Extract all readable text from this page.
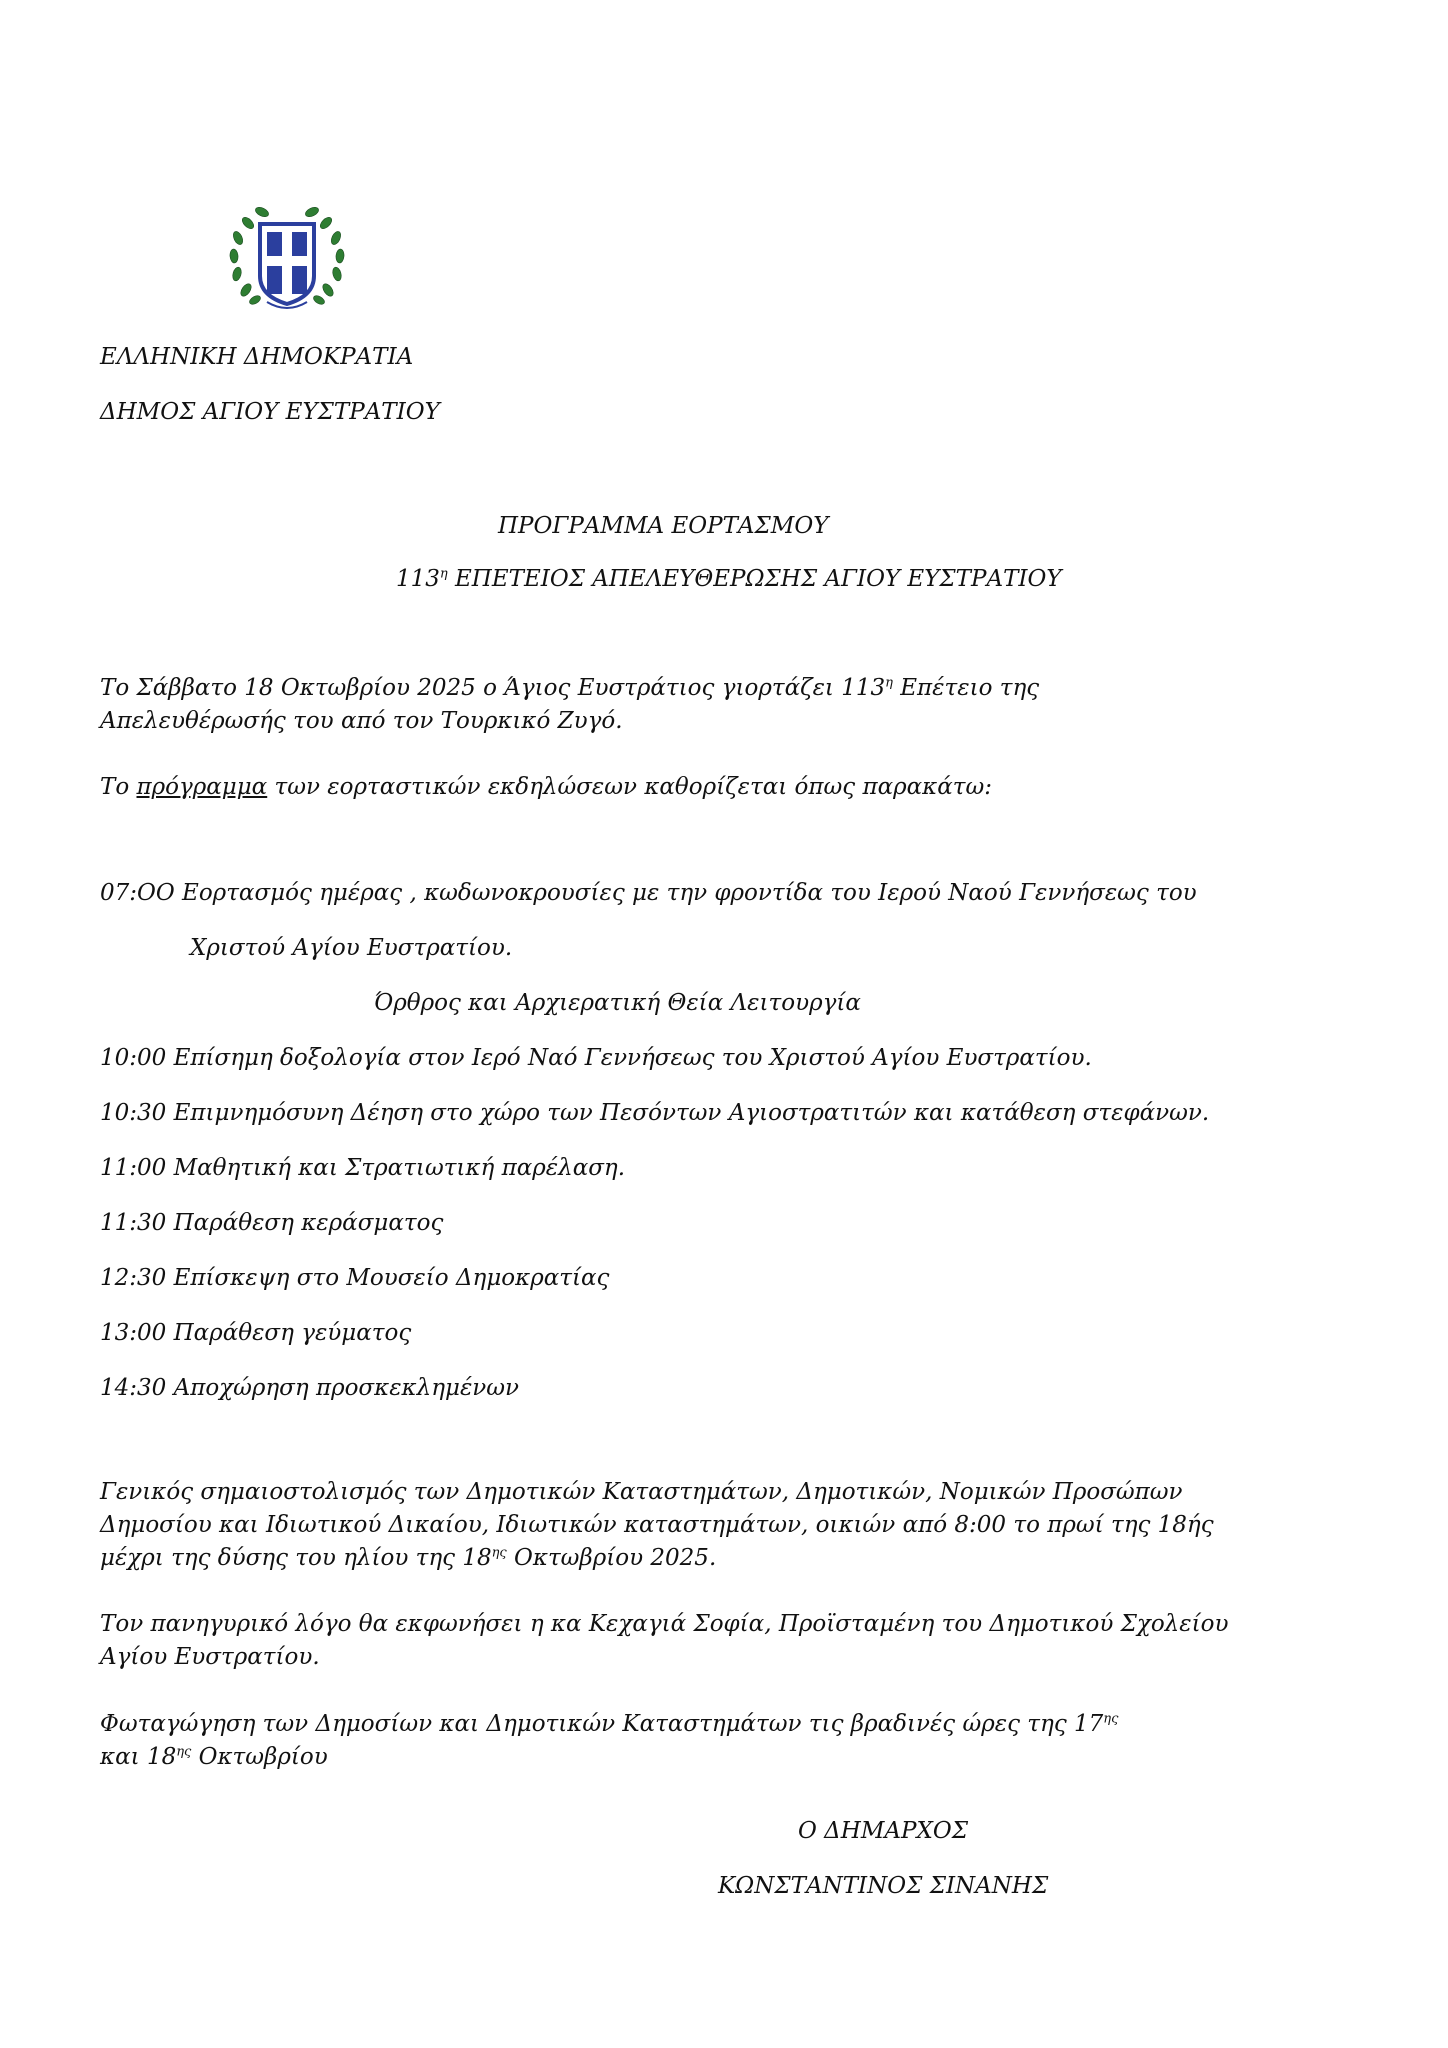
ΕΛΛΗΝΙΚΗ ΔΗΜΟΚΡΑΤΙΑ
ΔΗΜΟΣ ΑΓΙΟΥ ΕΥΣΤΡΑΤΙΟΥ
ΠΡΟΓΡΑΜΜΑ ΕΟΡΤΑΣΜΟΥ
$113^\eta$ ΕΠΕΤΕΙΟΣ ΑΠΕΛΕΥΘΕΡΩΣΗΣ ΑΓΙΟΥ ΕΥΣΤΡΑΤΙΟΥ
Το Σάββατο 18 Οκτωβρίου 2025 ο Άγιος Ευστράτιος γιορτάζει $113^\eta$ Επέτειο της Απελευθέρωσής του από τον Τουρκικό Ζυγό.
Το πρόγραμμα των εορταστικών εκδηλώσεων καθορίζεται όπως παρακάτω:
07:OO Εορτασμός ημέρας , κωδωνοκρουσίες με την φροντίδα του Ιερού Ναού Γεννήσεως του
Χριστού Αγίου Ευστρατίου.
Όρθρος και Αρχιερατική Θεία Λειτουργία
10:00 Επίσημη δοξολογία στον Ιερό Ναό Γεννήσεως του Χριστού Αγίου Ευστρατίου.
10:30 Επιμνημόσυνη Δέηση στο χώρο των Πεσόντων Αγιοστρατιτών και κατάθεση στεφάνων.
11:00 Μαθητική και Στρατιωτική παρέλαση.
11:30 Παράθεση κεράσματος
12:30 Επίσκεψη στο Μουσείο Δημοκρατίας
13:00 Παράθεση γεύματος
14:30 Αποχώρηση προσκεκλημένων
Γενικός σημαιοστολισμός των Δημοτικών Καταστημάτων, Δημοτικών, Νομικών Προσώπων Δημοσίου και Ιδιωτικού Δικαίου, Ιδιωτικών καταστημάτων, οικιών από 8:00 το πρωί της 18ής μέχρι της δύσης του ηλίου της $18^{\eta\varsigma}$ Οκτωβρίου 2025.
Τον πανηγυρικό λόγο θα εκφωνήσει η κα Κεχαγιά Σοφία, Προϊσταμένη του Δημοτικού Σχολείου Αγίου Ευστρατίου.
Φωταγώγηση των Δημοσίων και Δημοτικών Καταστημάτων τις βραδινές ώρες της $17^{\eta\varsigma}$ και $18^{\eta\varsigma}$ Οκτωβρίου
Ο ΔΗΜΑΡΧΟΣ
ΚΩΝΣΤΑΝΤΙΝΟΣ ΣΙΝΑΝΗΣ
